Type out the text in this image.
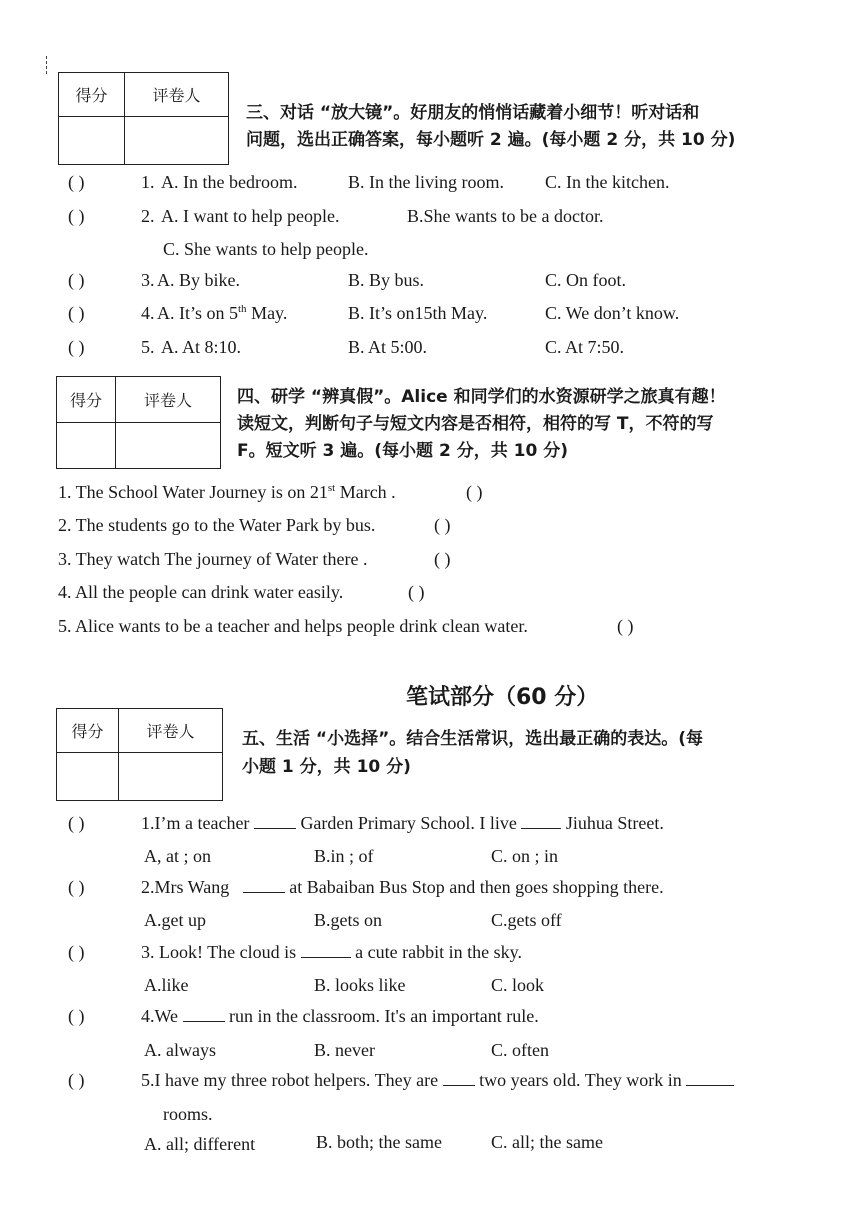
得分	评卷人

三、对话 “放大镜”。好朋友的悄悄话藏着小细节！听对话和
问题，选出正确答案，每小题听 2 遍。(每小题 2 分，共 10 分)
( )	1. A. In the bedroom.	B. In the living room. C. In the kitchen.
( )	2. A. I want to help people.	B.She wants to be a doctor.
C. She wants to help people.
( )	3. A. By bike.	B. By bus.	C. On foot.
( )	4. A. It’s on 5th May.	B. It’s on15th May.	C. We don’t know.
( )	5. A. At 8:10.	B. At 5:00.	C. At 7:50.
得分	评卷人
		四、研学 “辨真假”。Alice 和同学们的水资源研学之旅真有趣！
读短文，判断句子与短文内容是否相符，相符的写 T，不符的写
F。短文听 3 遍。(每小题 2 分，共 10 分)
1. The School Water Journey is on 21st March .	( )
2. The students go to the Water Park by bus.	( )
3. They watch The journey of Water there .	( )
4. All the people can drink water easily.	( )
5. Alice wants to be a teacher and helps people drink clean water.	( )
笔试部分（60 分）
得分	评卷人
		五、生活 “小选择”。结合生活常识，选出最正确的表达。(每
小题 1 分，共 10 分)
( )	1.I’m a teacher	Garden Primary School. I live	Jiuhua Street.
A, at ; on	B.in ; of	C. on ; in
( )	2.Mrs Wang	at Babaiban Bus Stop and then goes shopping there.
A.get up	B.gets on	C.gets off
( )	3. Look! The cloud is	a cute rabbit in the sky.
A.like	B. looks like	C. look
( )	4.We	run in the classroom. It's an important rule.
A. always	B. never	C. often
( )	5.I have my three robot helpers. They are two years old. They work in
rooms.
A. all; different	B. both; the same	C. all; the same
